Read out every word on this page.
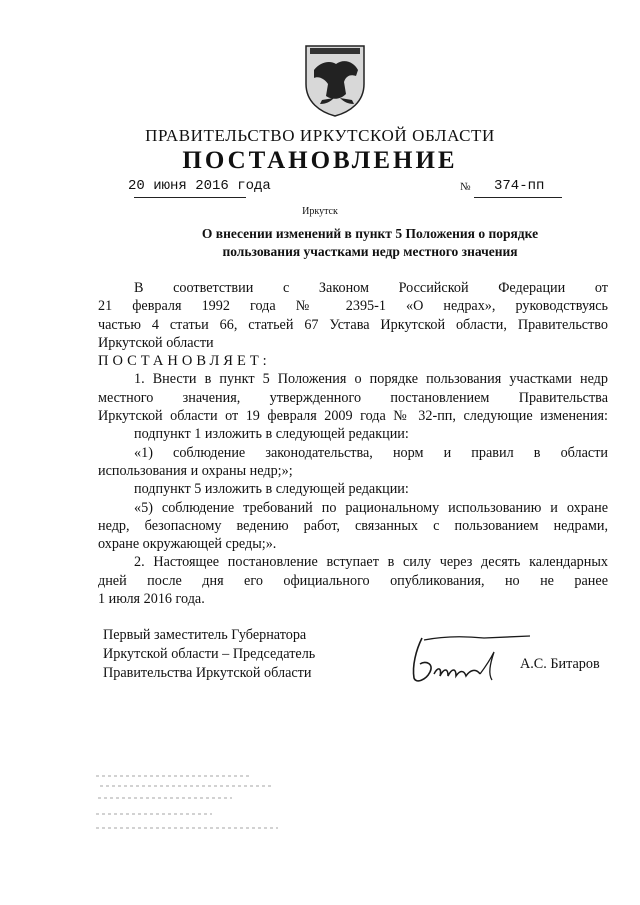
ПРАВИТЕЛЬСТВО ИРКУТСКОЙ ОБЛАСТИ
ПОСТАНОВЛЕНИЕ
20 июня 2016 года	№ 374-пп
Иркутск
О внесении изменений в пункт 5 Положения о порядке
пользования участками недр местного значения

В соответствии с Законом Российской Федерации от

21 февраля 1992 года № 2395-1 «О недрах», руководствуясь

частью 4 статьи 66, статьей 67 Устава Иркутской области, Правительство

Иркутской области

ПОСТАНОВЛЯЕТ:

1. Внести в пункт 5 Положения о порядке пользования участками недр

местного значения, утвержденного постановлением Правительства

Иркутской области от 19 февраля 2009 года № 32-пп, следующие изменения:

подпункт 1 изложить в следующей редакции:

«1) соблюдение законодательства, норм и правил в области

использования и охраны недр;»;

подпункт 5 изложить в следующей редакции:

«5) соблюдение требований по рациональному использованию и охране

недр, безопасному ведению работ, связанных с пользованием недрами,

охране окружающей среды;».

2. Настоящее постановление вступает в силу через десять календарных

дней после дня его официального опубликования, но не ранее

1 июля 2016 года.

Первый заместитель Губернатора
Иркутской области – Председатель
Правительства Иркутской области
А.С. Битаров
